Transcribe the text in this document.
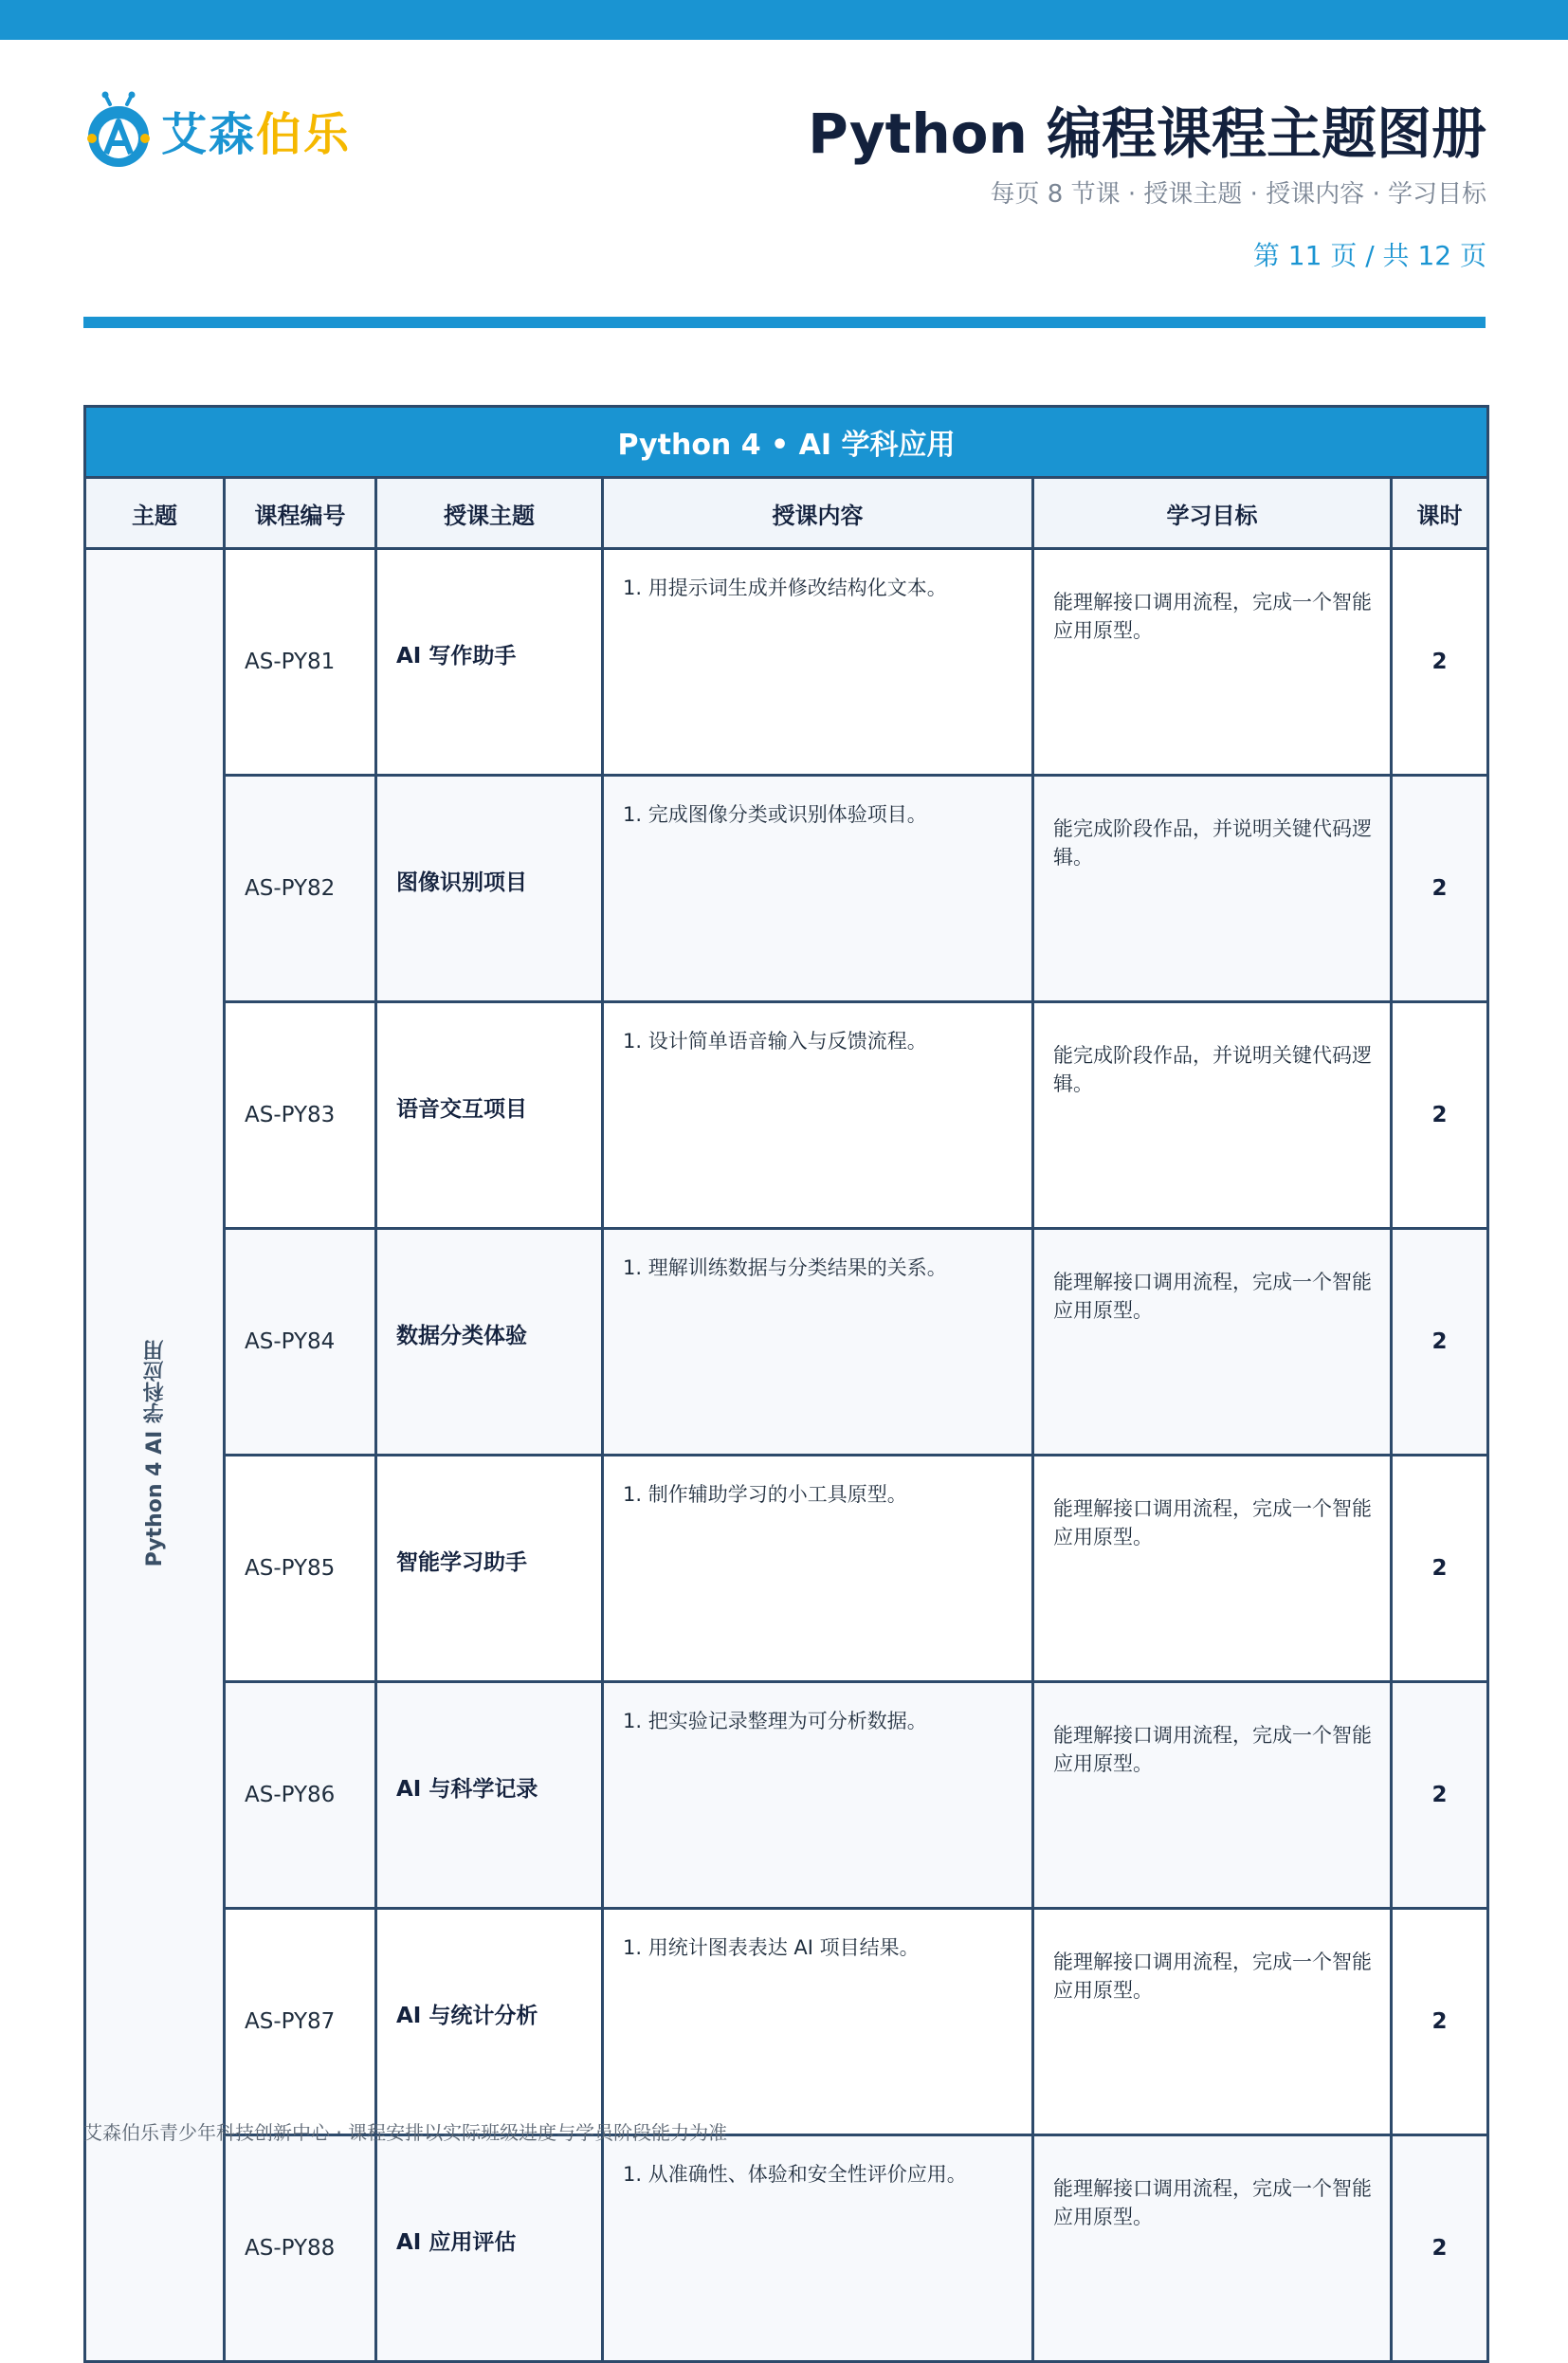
艾森伯乐	Python 编程课程主题图册
每页 8 节课 · 授课主题 · 授课内容 · 学习目标
第 11 页 / 共 12 页
Python 4 • AI 学科应用					
主题	课程编号	授课主题	授课内容	学习目标	课时
Python 4 AI 学科应用	AS-PY81	AI 写作助手	1. 用提示词生成并修改结构化文本。	能理解接口调用流程，完成一个智能应用原型。	2
	AS-PY82	图像识别项目	1. 完成图像分类或识别体验项目。	能完成阶段作品，并说明关键代码逻辑。	2
	AS-PY83	语音交互项目	1. 设计简单语音输入与反馈流程。	能完成阶段作品，并说明关键代码逻辑。	2
	AS-PY84	数据分类体验	1. 理解训练数据与分类结果的关系。	能理解接口调用流程，完成一个智能应用原型。	2
	AS-PY85	智能学习助手	1. 制作辅助学习的小工具原型。	能理解接口调用流程，完成一个智能应用原型。	2
	AS-PY86	AI 与科学记录	1. 把实验记录整理为可分析数据。	能理解接口调用流程，完成一个智能应用原型。	2
	AS-PY87	AI 与统计分析	1. 用统计图表表达 AI 项目结果。	能理解接口调用流程，完成一个智能应用原型。	2
	AS-PY88	AI 应用评估	1. 从准确性、体验和安全性评价应用。	能理解接口调用流程，完成一个智能应用原型。	2
艾森伯乐青少年科技创新中心 · 课程安排以实际班级进度与学员阶段能力为准
